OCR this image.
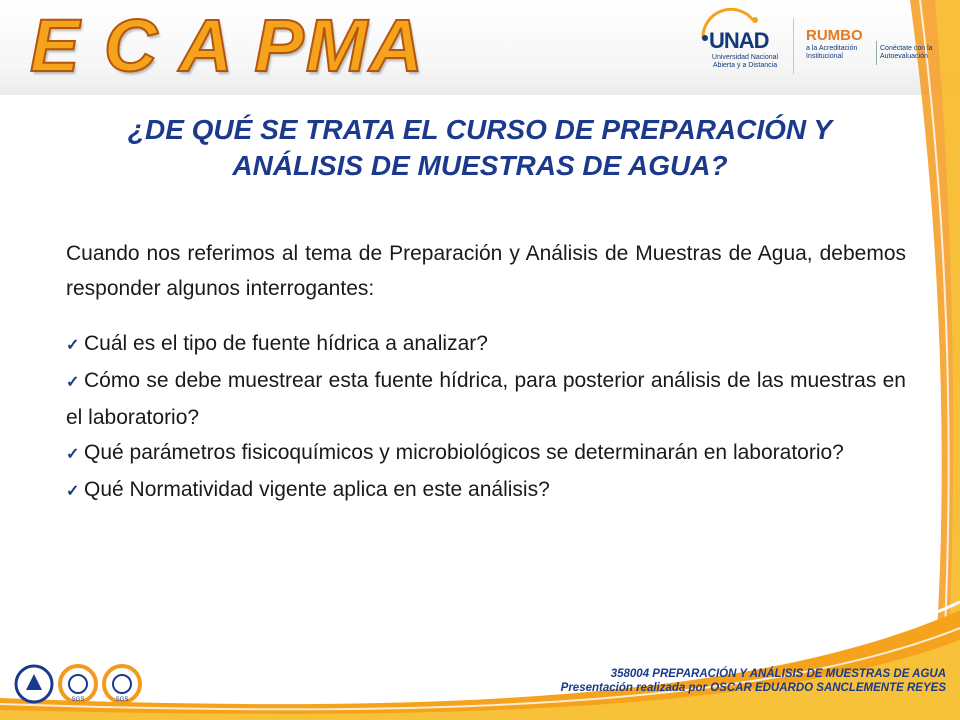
E C A PMA	UNAD
Universidad Nacional
Abierta y a Distancia
RUMBO
a la Acreditación
Institucional
Conéctate con la
Autoevaluación
¿DE QUÉ SE TRATA EL CURSO DE PREPARACIÓN Y
ANÁLISIS DE MUESTRAS DE AGUA?

Cuando nos referimos al tema de Preparación y Análisis de Muestras de Agua, debemos responder algunos interrogantes:

✓ Cuál es el tipo de fuente hídrica a analizar?

✓ Cómo se debe muestrear esta fuente hídrica, para posterior análisis de las muestras en el laboratorio?

✓ Qué parámetros fisicoquímicos y microbiológicos se determinarán en laboratorio?

✓ Qué Normatividad vigente aplica en este análisis?

SGS	SGS
358004 PREPARACIÓN Y ANÁLISIS DE MUESTRAS DE AGUA
Presentación realizada por OSCAR EDUARDO SANCLEMENTE REYES
